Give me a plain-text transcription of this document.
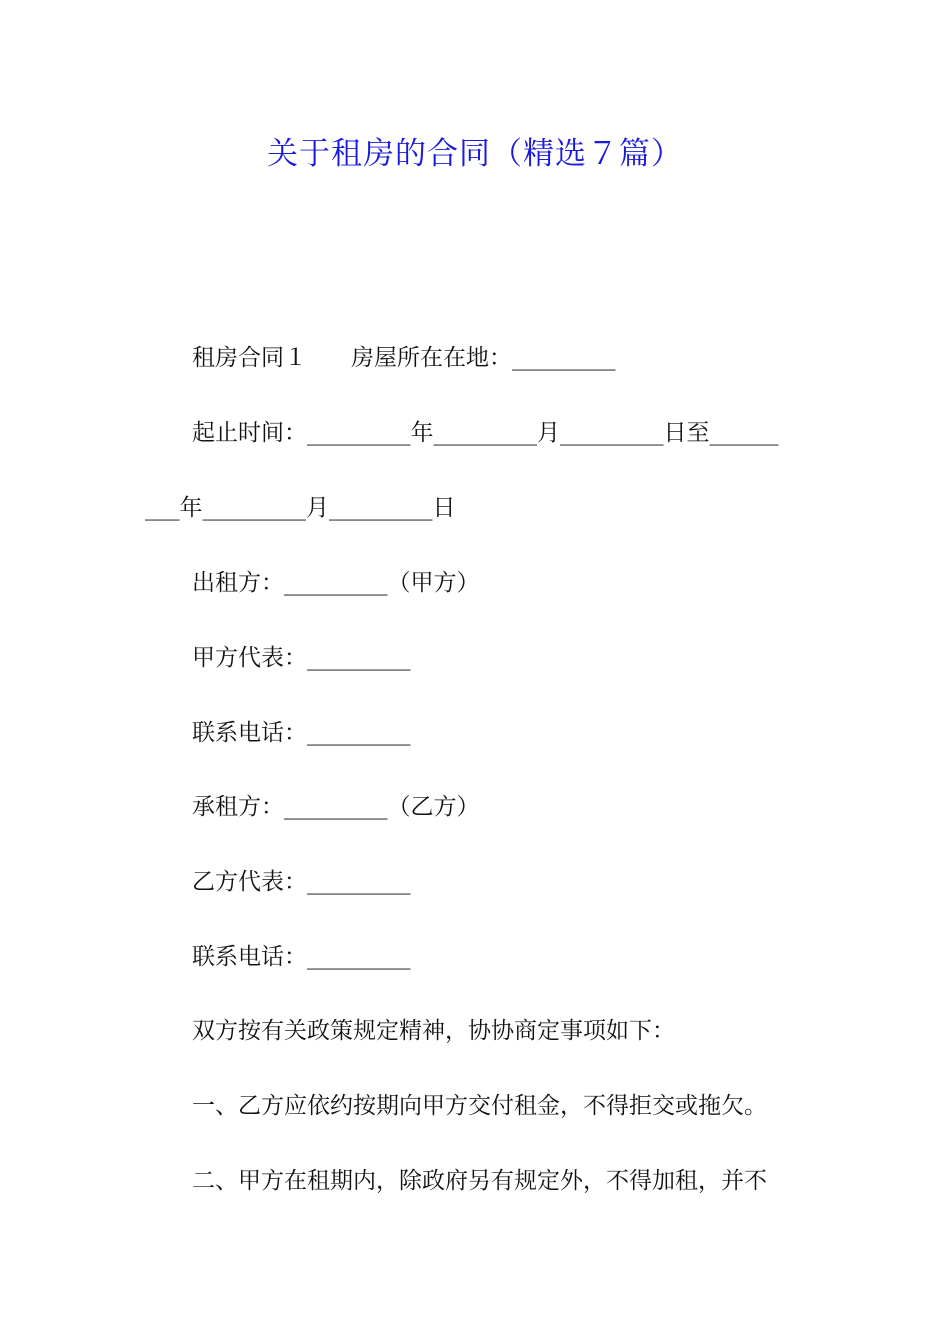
关于租房的合同（精选７篇）
租房合同１ 房屋所在在地：_________
起止时间：_________年_________月_________日至______
___年_________月_________日
出租方：_________（甲方）
甲方代表：_________
联系电话：_________
承租方：_________（乙方）
乙方代表：_________
联系电话：_________
双方按有关政策规定精神，协协商定事项如下：
一、乙方应依约按期向甲方交付租金，不得拒交或拖欠。
二、甲方在租期内，除政府另有规定外，不得加租，并不
